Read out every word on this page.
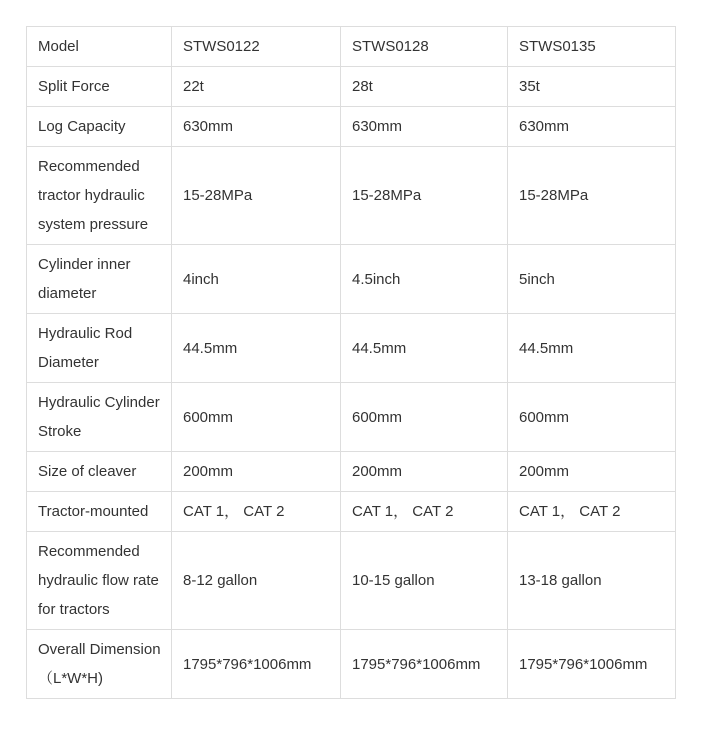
Model	STWS0122	STWS0128	STWS0135
Split Force	22t	28t	35t
Log Capacity	630mm	630mm	630mm
Recommended tractor hydraulic system pressure	15-28MPa	15-28MPa	15-28MPa
Cylinder inner diameter	4inch	4.5inch	5inch
Hydraulic Rod Diameter	44.5mm	44.5mm	44.5mm
Hydraulic Cylinder Stroke	600mm	600mm	600mm
Size of cleaver	200mm	200mm	200mm
Tractor-mounted	CAT 1， CAT 2	CAT 1， CAT 2	CAT 1， CAT 2
Recommended hydraulic flow rate for tractors	8-12 gallon	10-15 gallon	13-18 gallon
Overall Dimension （L*W*H)	1795*796*1006mm	1795*796*1006mm	1795*796*1006mm
